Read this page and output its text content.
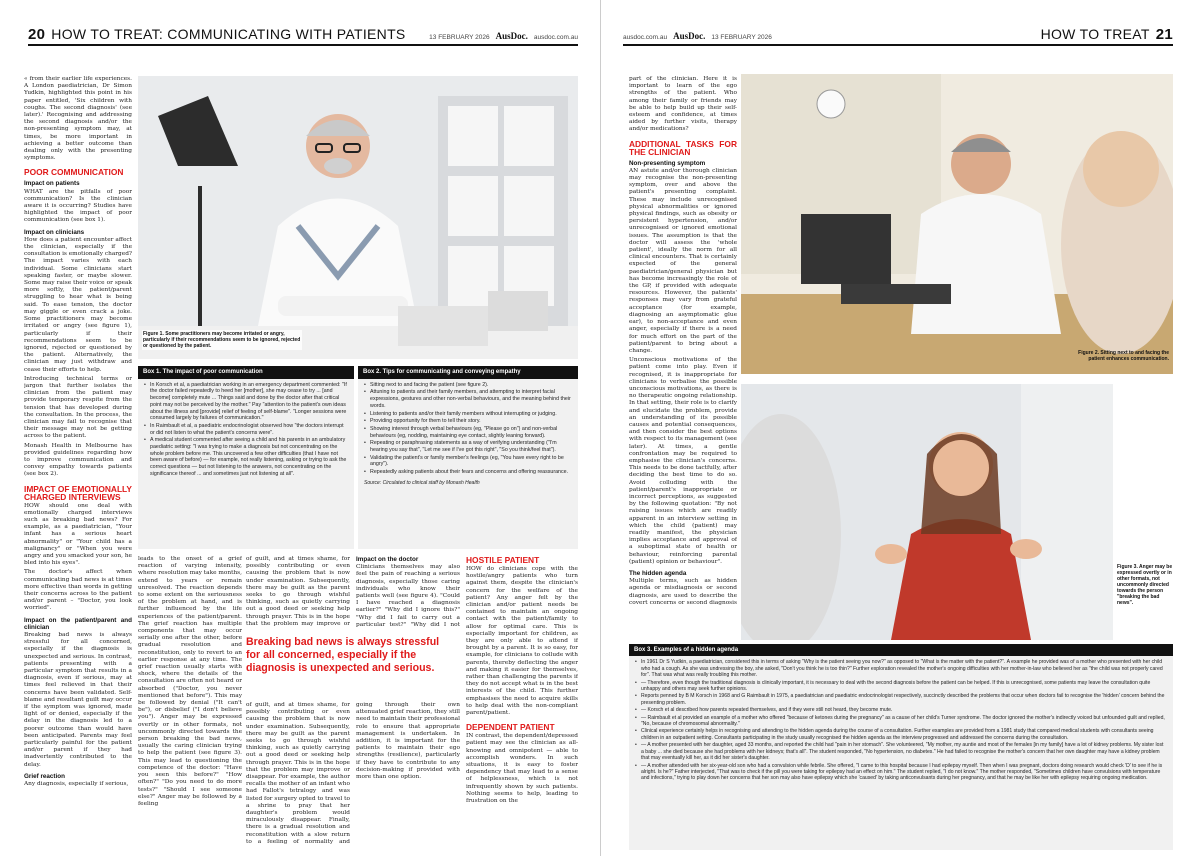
20 HOW TO TREAT: COMMUNICATING WITH PATIENTS	13 FEBRUARY 2026 AusDoc. ausdoc.com.au

« from their earlier life experiences. A London paediatrician, Dr Simon Yudkin, highlighted this point in his paper entitled, 'Six children with coughs. The second diagnosis' (see later).' Recognising and addressing the second diagnosis and/or the non-presenting symptom may, at times, be more important in achieving a better outcome than dealing only with the presenting symptoms.

POOR COMMUNICATION
Impact on patients

WHAT are the pitfalls of poor communication? Is the clinician aware it is occurring? Studies have highlighted the impact of poor communication (see box 1).

Impact on clinicians

How does a patient encounter affect the clinician, especially if the consultation is emotionally charged? The impact varies with each individual. Some clinicians start speaking faster, or maybe slower. Some may raise their voice or speak more softly, the patient/parent struggling to hear what is being said. To ease tension, the doctor may giggle or even crack a joke. Some practitioners may become irritated or angry (see figure 1), particularly if their recommendations seem to be ignored, rejected or questioned by the patient. Alternatively, the clinician may just withdraw and cease their efforts to help.

Introducing technical terms or jargon that further isolates the clinician from the patient may provide temporary respite from the tension that has developed during the consultation. In the process, the clinician may fail to recognise that their message may not be getting across to the patient.

Monash Health in Melbourne has provided guidelines regarding how to improve communication and convey empathy towards patients (see box 2).

IMPACT OF EMOTIONALLY CHARGED INTERVIEWS

HOW should one deal with emotionally charged interviews such as breaking bad news? For example, as a paediatrician, "Your infant has a serious heart abnormality" or "Your child has a malignancy" or "When you were angry and you smacked your son, he bled into his eyes".

The doctor's affect when communicating bad news is at times more effective than words in getting their concerns across to the patient and/or parent – "Doctor, you look worried".

Impact on the patient/parent and clinician

Breaking bad news is always stressful for all concerned, especially if the diagnosis is unexpected and serious. In contrast, patients presenting with a particular symptom that results in a diagnosis, even if serious, may at times feel relieved in that their concerns have been validated. Self-blame and resultant guilt may occur if the symptom was ignored, made light of or denied, especially if the delay in the diagnosis led to a poorer outcome than would have been anticipated. Parents may feel particularly painful for the patient and/or parent if they had inadvertently contributed to the delay.

Grief reaction

Any diagnosis, especially if serious,

Figure 1. Some practitioners may become irritated or angry, particularly if their recommendations seem to be ignored, rejected or questioned by the patient.
Box 1. The impact of poor communication
• In Korsch et al, a paediatrician working in an emergency department commented: "If the doctor failed repeatedly to heed her [mother], she may cease to try ... [and become] completely mute ... Things said and done by the doctor after that critical point may not be perceived by the mother." Pay "attention to the patient's own ideas about the illness and [provide] relief of feeling of self-blame". "Longer sessions were consumed largely by failures of communication."
• In Raimbault et al, a paediatric endocrinologist observed how "the doctors interrupt or did not listen to what the patient's concerns were".
• A medical student commented after seeing a child and his parents in an ambulatory paediatric setting: "I was trying to make a diagnosis but not concentrating on the whole problem before me. This uncovered a few other difficulties (that I have not been aware of before) — for example, not really listening, asking or trying to ask the correct questions — but not listening to the answers, not concentrating on the significance thereof ... and sometimes just not listening at all".
Box 2. Tips for communicating and conveying empathy
• Sitting next to and facing the patient (see figure 2).
• Attuning to patients and their family members, and attempting to interpret facial expressions, gestures and other non-verbal behaviours, and the meaning behind their words.
• Listening to patients and/or their family members without interrupting or judging.
• Providing opportunity for them to tell their story.
• Showing interest through verbal behaviours (eg, "Please go on") and non-verbal behaviours (eg, nodding, maintaining eye contact, slightly leaning forward).
• Repeating or paraphrasing statements as a way of verifying understanding ("I'm hearing you say that", "Let me see if I've got this right", "So you think/feel that").
• Validating the patient's or family member's feelings (eg, "You have every right to be angry").
• Repeatedly asking patients about their fears and concerns and offering reassurance.
Source: Circulated to clinical staff by Monash Health
leads to the onset of a grief reaction of varying intensity, where resolution may take months, extend to years or remain unresolved. The reaction depends to some extent on the seriousness of the problem at hand, and is further influenced by the life experiences of the patient/parent. The grief reaction has multiple components that may occur serially one after the other, before gradual resolution and reconstitution, only to revert to an earlier response at any time. The grief reaction usually starts with shock, where the details of the consultation are often not heard or absorbed ("Doctor, you never mentioned that before"). This may be followed by denial ("It can't be"), or disbelief ("I don't believe you"). Anger may be expressed overtly or in other formats, not uncommonly directed towards the person breaking the bad news, usually the caring clinician trying to help the patient (see figure 3). This may lead to questioning the competence of the doctor: "Have you seen this before?" "How often?" "Do you need to do more tests?" "Should I see someone else?" Anger may be followed by a feeling
of guilt, and at times shame, for possibly contributing or even causing the problem that is now under examination. Subsequently, there may be guilt as the parent seeks to go through wishful thinking, such as quietly carrying out a good deed or seeking help through prayer. This is in the hope that the problem may improve or
Breaking bad news is always stressful for all concerned, especially if the diagnosis is unexpected and serious.

of guilt, and at times shame, for possibly contributing or even causing the problem that is now under examination. Subsequently, there may be guilt as the parent seeks to go through wishful thinking, such as quietly carrying out a good deed or seeking help through prayer. This is in the hope that the problem may improve or disappear. For example, the author recalls the mother of an infant who had Fallot's tetralogy and was listed for surgery opted to travel to a shrine to pray that her daughter's problem would miraculously disappear. Finally, there is a gradual resolution and reconstitution with a slow return to a feeling of normality and

Impact on the doctor

Clinicians themselves may also feel the pain of reaching a serious diagnosis, especially those caring individuals who know their patients well (see figure 4). "Could I have reached a diagnosis earlier?" "Why did I ignore this?" "Why did I fail to carry out a particular test?" "Why did I not

going through their own attenuated grief reaction, they still need to maintain their professional role to ensure that appropriate management is undertaken. In addition, it is important for the patients to maintain their ego strengths (resilience), particularly if they have to contribute to any decision-making if provided with more than one option.
HOSTILE PATIENT

HOW do clinicians cope with the hostile/angry patients who turn against them, despite the clinician's concern for the welfare of the patient? Any anger felt by the clinician and/or patient needs be contained to maintain an ongoing contact with the patient/family to allow for optimal care. This is especially important for children, as they are only able to attend if brought by a parent. It is so easy, for example, for clinicians to collude with parents, thereby deflecting the anger and making it easier for themselves, rather than challenging the parents if they do not accept what is in the best interests of the child. This further emphasises the need to acquire skills to help deal with the non-compliant parent/patient.

DEPENDENT PATIENT

IN contrast, the dependent/depressed patient may see the clinician as all-knowing and omnipotent — able to accomplish wonders. In such situations, it is easy to foster dependency that may lead to a sense of helplessness, which is not infrequently shown by such patients. Nothing seems to help, leading to frustration on the

ausdoc.com.au AusDoc. 13 FEBRUARY 2026	HOW TO TREAT 21

part of the clinician. Here it is important to learn of the ego strengths of the patient. Who among their family or friends may be able to help build up their self-esteem and confidence, at times aided by further visits, therapy and/or medications?

ADDITIONAL TASKS FOR THE CLINICIAN
Non-presenting symptom

AN astute and/or thorough clinician may recognise the non-presenting symptom, over and above the patient's presenting complaint. These may include unrecognised physical abnormalities or ignored physical findings, such as obesity or persistent hypertension, and/or unrecognised or ignored emotional issues. The assumption is that the doctor will assess the 'whole patient', ideally the norm for all clinical encounters. That is certainly expected of the general paediatrician/general physician but has become increasingly the role of the GP, if provided with adequate resources. However, the patients' responses may vary from grateful acceptance (for example, diagnosing an asymptomatic glue ear), to non-acceptance and even anger, especially if there is a need for much effort on the part of the patient/parent to bring about a change.

Unconscious motivations of the patient come into play. Even if recognised, it is inappropriate for clinicians to verbalise the possible unconscious motivations, as there is no therapeutic ongoing relationship. In that setting, their role is to clarify and elucidate the problem, provide an understanding of its possible causes and potential consequences, and then consider the best options with respect to its management (see later). At times, a gentle confrontation may be required to emphasise the clinician's concerns. This needs to be done tactfully, after deciding the best time to do so. Avoid colluding with the patient/parent's inappropriate or incorrect perceptions, as suggested by the following quotation: "By not raising issues which are readily apparent in an interview setting in which the child (patient) may readily manifest, the physician implies acceptance and approval of a suboptimal state of health or behaviour, reinforcing parental (patient) opinion or behaviour".

The hidden agenda

Multiple terms, such as hidden agenda or misdiagnosis or second diagnosis, are used to describe the covert concerns or second diagnosis

Figure 2. Sitting next to and facing the patient enhances communication.
Figure 3. Anger may be expressed overtly or in other formats, not uncommonly directed towards the person "breaking the bad news".
Box 3. Examples of a hidden agenda
• In 1961 Dr S Yudkin, a paediatrician, considered this in terms of asking "Why is the patient seeing you now?" as opposed to "What is the matter with the patient?". A example he provided was of a mother who presented with her child who had a cough. As she was undressing the boy, she asked, "Don't you think he is too thin?" Further exploration revealed the mother's ongoing difficulties with her mother-in-law who believed her as "the child was not properly cared for". That was what was really troubling this mother.
• — Therefore, even though the traditional diagnosis is clinically important, it is necessary to deal with the second diagnosis before the patient can be helped. If this is unrecognised, some patients may leave the consultation quite unhappy and others may seek further opinions.
• Reports penned by B M Korsch in 1968 and G Raimbault in 1975, a paediatrician and paediatric endocrinologist respectively, succinctly described the problems that occur when doctors fail to recognise the 'hidden' concern behind the presenting problem.
• — Korsch et al described how parents repeated themselves, and if they were still not heard, they become mute.
• — Raimbault et al provided an example of a mother who offered "because of ketones during the pregnancy" as a cause of her child's Turner syndrome. The doctor ignored the mother's indirectly voiced but unfounded guilt and replied, "No, because of chromosomal abnormality."
• Clinical experience certainly helps in recognising and attending to the hidden agenda during the course of a consultation. Further examples are provided from a 1981 study that compared medical students with consultants seeing children in an outpatient setting. Consultants participating in the study usually recognised the hidden agenda as the interview progressed and addressed the concerns during the consultation.
• — A mother presented with her daughter, aged 33 months, and reported the child had "pain in her stomach". She volunteered, "My mother, my auntie and most of the females [in my family] have a lot of kidney problems. My sister lost a baby ... she died because she had problems with her kidneys; that's all". The student responded, "No hypertension, no diabetes." He had failed to recognise the mother's concern that her own daughter may have a kidney problem that may eventually kill her, as it did her sister's daughter.
• — A mother attended with her six-year-old son who had a convulsion while febrile. She offered, "I came to this hospital because I had epilepsy myself. Then when I was pregnant, doctors doing research would check 'D' to see if he is alright. Is he?" Father interjected, "That was to check if the pill you were taking for epilepsy had an effect on him." The student replied, "I do not know." The mother responded, "Sometimes children have convulsions with temperature and infections," trying to play down her concerns that her son may also have epilepsy which she 'caused' by taking anticonvulsants during her pregnancy, and that he may be like her with epilepsy requiring ongoing medication.
